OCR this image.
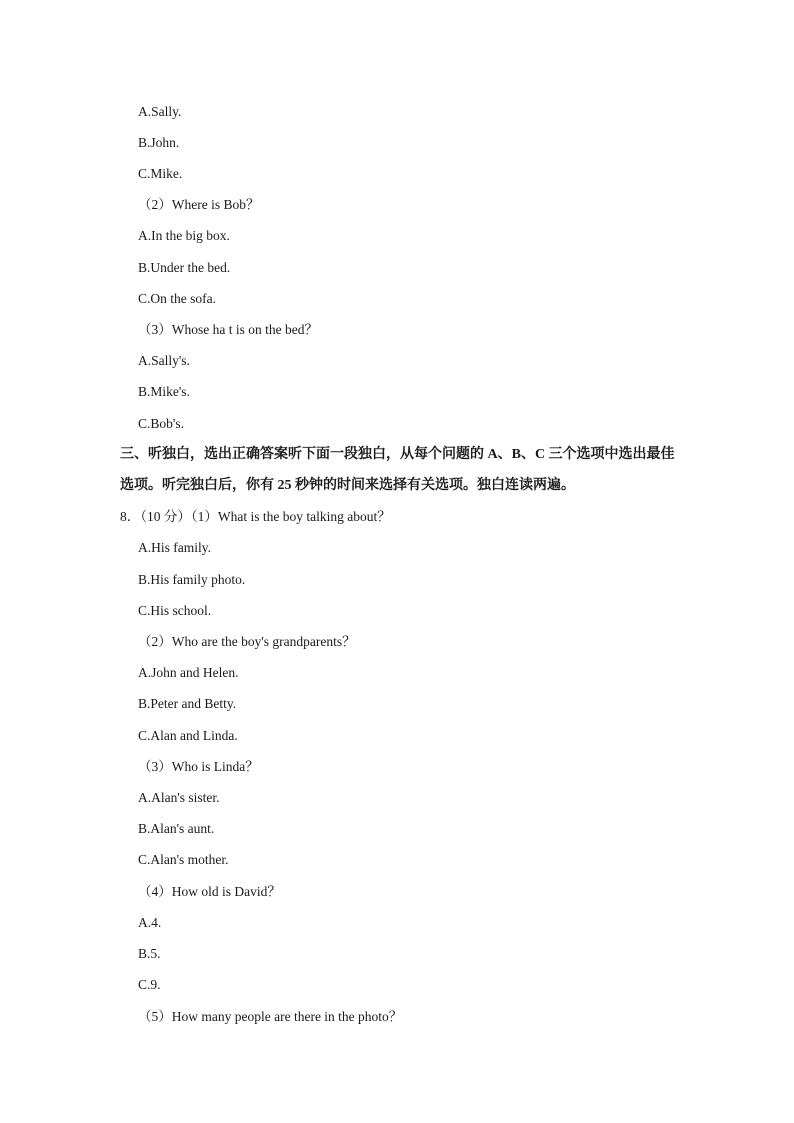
A.Sally.
B.John.
C.Mike.
（2）Where is Bob？
A.In the big box.
B.Under the bed.
C.On the sofa.
（3）Whose ha t is on the bed？
A.Sally's.
B.Mike's.
C.Bob's.
三、听独白，选出正确答案听下面一段独白，从每个问题的 A、B、C 三个选项中选出最佳
选项。听完独白后，你有 25 秒钟的时间来选择有关选项。独白连读两遍。
8．（10 分）（1）What is the boy talking about？
A.His family.
B.His family photo.
C.His school.
（2）Who are the boy's grandparents？
A.John and Helen.
B.Peter and Betty.
C.Alan and Linda.
（3）Who is Linda？
A.Alan's sister.
B.Alan's aunt.
C.Alan's mother.
（4）How old is David？
A.4.
B.5.
C.9.
（5）How many people are there in the photo？
